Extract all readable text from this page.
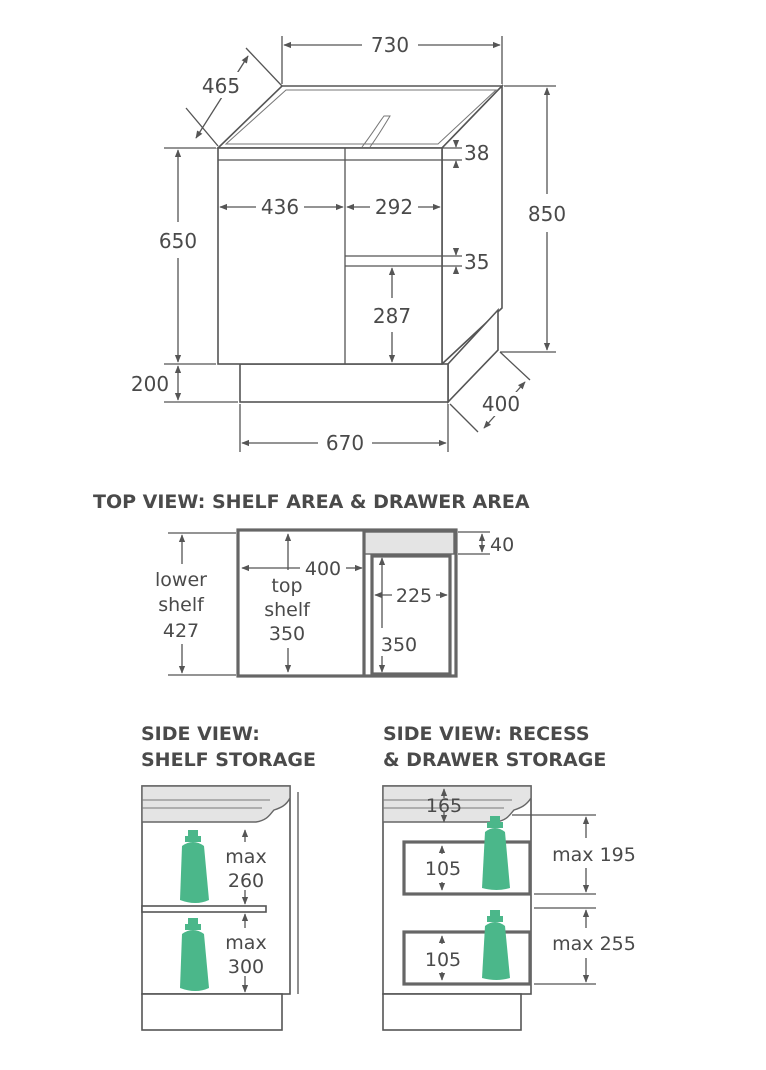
730
465
850
650
200
670
400
436	292
38
35
287
TOP VIEW: SHELF AREA & DRAWER AREA
lower
shelf
427
top
shelf
350
400
40
225
350
SIDE VIEW:
SHELF STORAGE
max
260
max
300
SIDE VIEW: RECESS
& DRAWER STORAGE
165
105
105
max 195
max 255
